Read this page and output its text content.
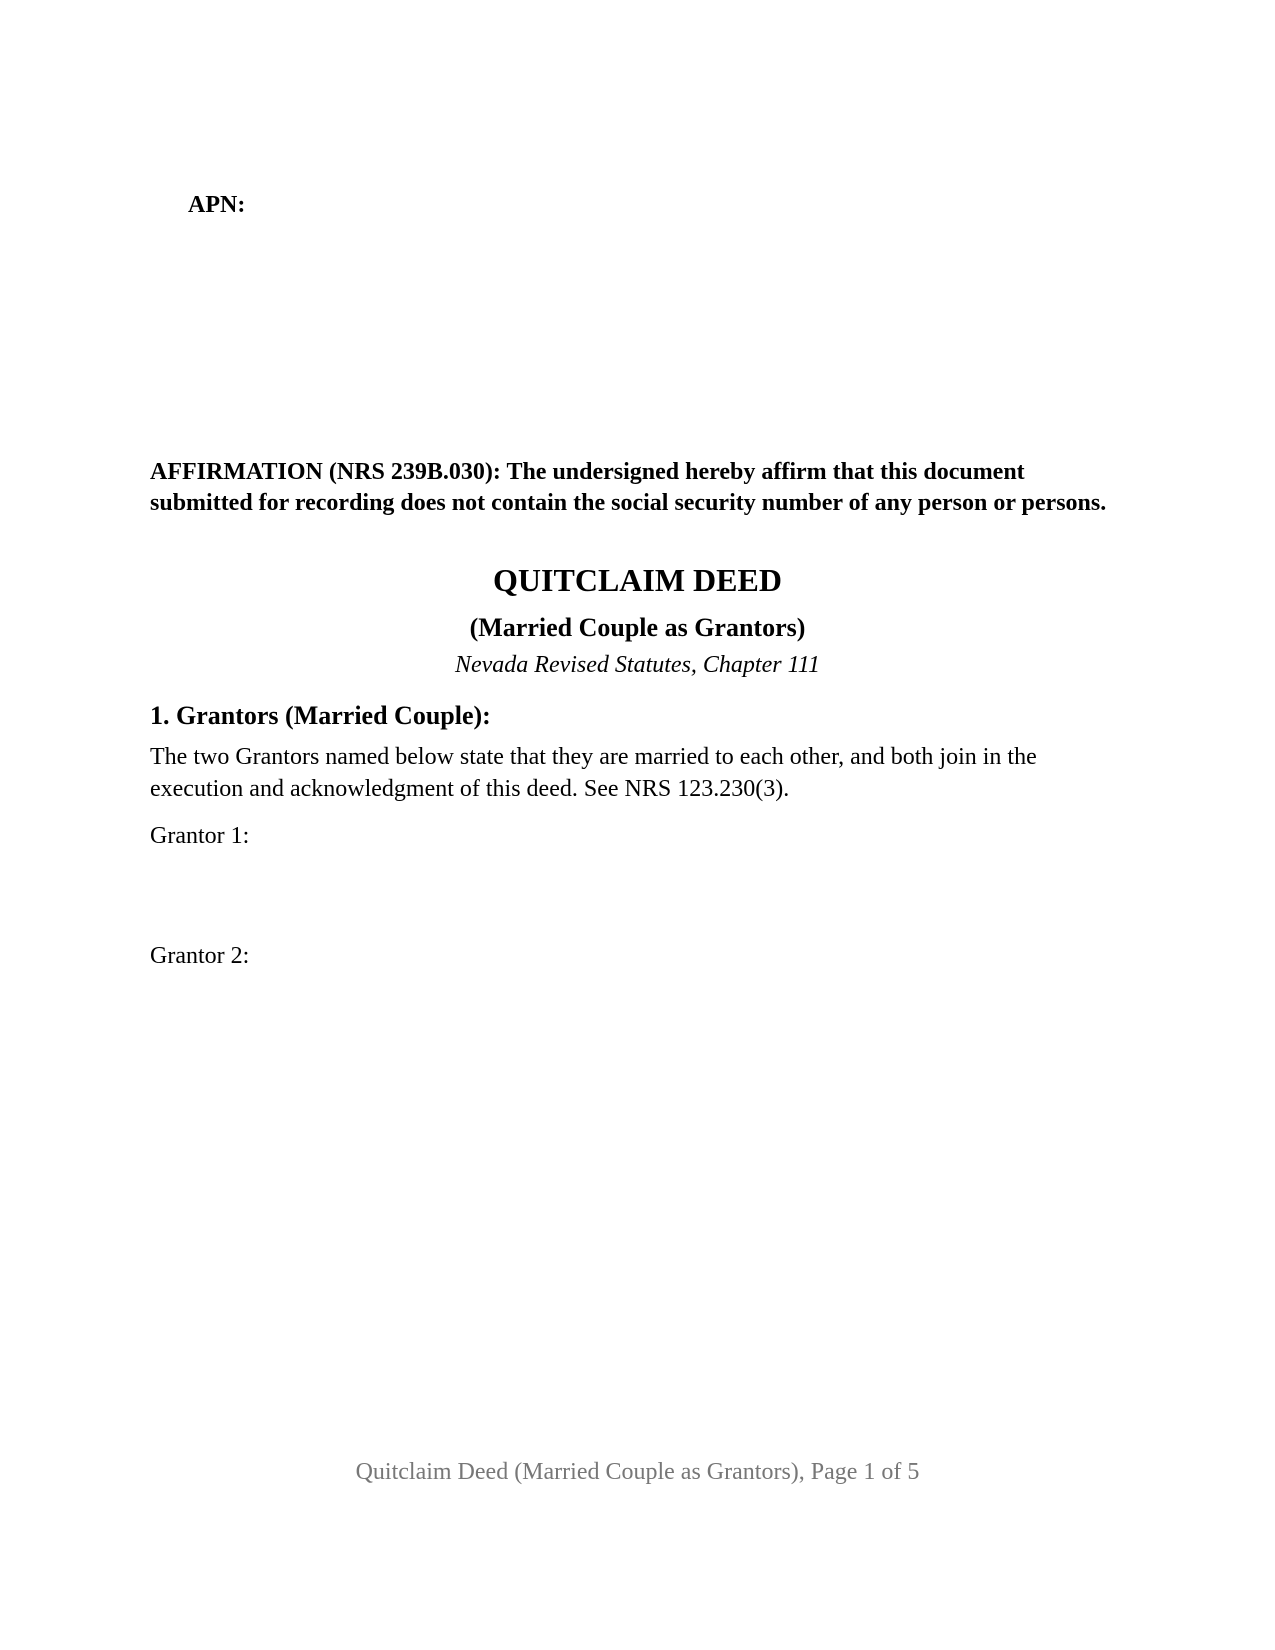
APN:
AFFIRMATION (NRS 239B.030): The undersigned hereby affirm that this document submitted for recording does not contain the social security number of any person or persons.
QUITCLAIM DEED
(Married Couple as Grantors)
Nevada Revised Statutes, Chapter 111
1. Grantors (Married Couple):
The two Grantors named below state that they are married to each other, and both join in the execution and acknowledgment of this deed. See NRS 123.230(3).
Grantor 1:
Grantor 2:
Quitclaim Deed (Married Couple as Grantors), Page 1 of 5
